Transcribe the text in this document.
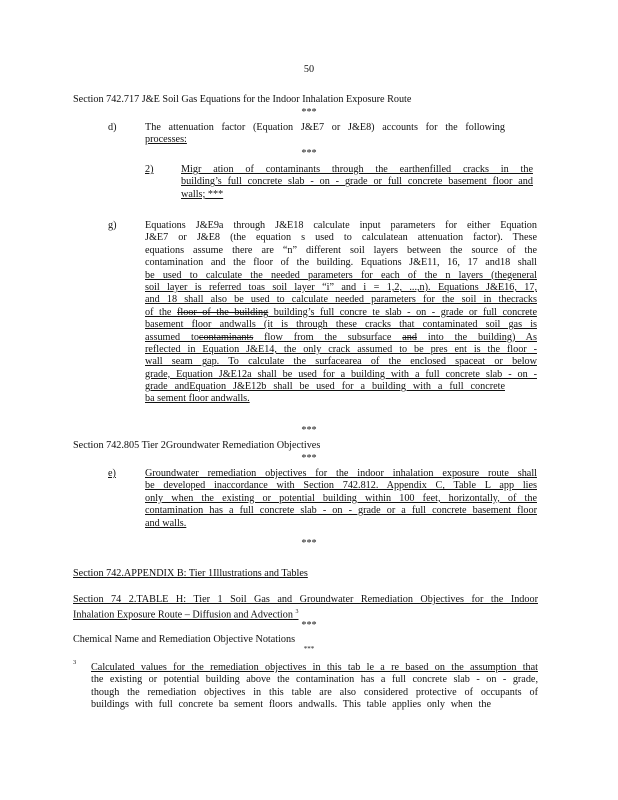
50
Section 742.717 J&E Soil Gas Equations for the Indoor Inhalation Exposure Route
***
d)	The attenuation factor (Equation J&E7 or J&E8) accounts for the following
processes:
***
2)	Migr ation of contaminants through the earthenfilled cracks in the
building’s full concrete slab - on - grade or full concrete basement floor and
walls; ***
g)	Equations J&E9a through J&E18 calculate input parameters for either Equation
J&E7 or J&E8 (the equation s used to calculatean attenuation factor). These
equations assume there are “n” different soil layers between the source of the
contamination and the floor of the building. Equations J&E11, 16, 17 and18 shall
be used to calculate the needed parameters for each of the n layers (thegeneral
soil layer is referred toas soil layer “i” and i = 1,2, ...,n). Equations J&E16, 17,
and 18 shall also be used to calculate needed parameters for the soil in thecracks
of the floor of the building building’s full concre te slab - on - grade or full concrete
basement floor andwalls (it is through these cracks that contaminated soil gas is
assumed tocontaminants flow from the subsurface and into the building) As
reflected in Equation J&E14, the only crack assumed to be pres ent is the floor -
wall seam gap. To calculate the surfacearea of the enclosed spaceat or below
grade, Equation J&E12a shall be used for a building with a full concrete slab - on -
grade andEquation J&E12b shall be used for a building with a full concrete
ba sement floor andwalls.
***
Section 742.805 Tier 2Groundwater Remediation Objectives
***
e)	Groundwater remediation objectives for the indoor inhalation exposure route shall
be developed inaccordance with Section 742.812. Appendix C, Table L app lies
only when the existing or potential building within 100 feet, horizontally, of the
contamination has a full concrete slab - on - grade or a full concrete basement floor
and walls.
***
Section 742.APPENDIX B: Tier 1Illustrations and Tables
Section 74 2.TABLE H: Tier 1 Soil Gas and Groundwater Remediation Objectives for the Indoor
Inhalation Exposure Route – Diffusion and Advection $^3$
***
Chemical Name and Remediation Objective Notations
***
3 Calculated values for the remediation objectives in this tab le a re based on the assumption that
the existing or potential building above the contamination has a full concrete slab - on - grade,
though the remediation objectives in this table are also considered protective of occupants of
buildings with full concrete ba sement floors andwalls. This table applies only when the
